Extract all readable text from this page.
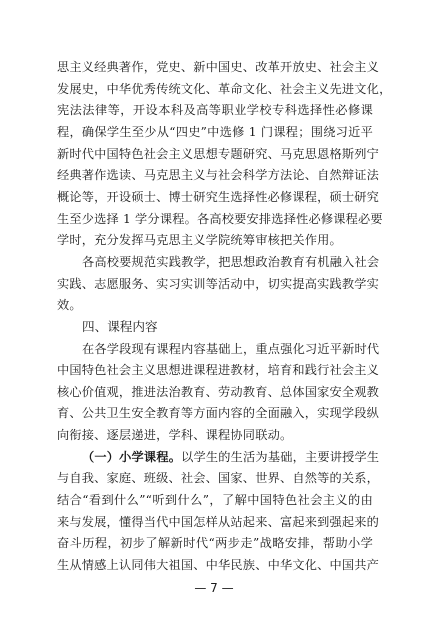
思主义经典著作，党史、新中国史、改革开放史、社会主义
发展史，中华优秀传统文化、革命文化、社会主义先进文化，
宪法法律等，开设本科及高等职业学校专科选择性必修课
程，确保学生至少从“四史”中选修 1 门课程；围绕习近平
新时代中国特色社会主义思想专题研究、马克思恩格斯列宁
经典著作选读、马克思主义与社会科学方法论、自然辩证法
概论等，开设硕士、博士研究生选择性必修课程，硕士研究
生至少选择 1 学分课程。各高校要安排选择性必修课程必要
学时，充分发挥马克思主义学院统筹审核把关作用。
各高校要规范实践教学，把思想政治教育有机融入社会
实践、志愿服务、实习实训等活动中，切实提高实践教学实
效。
四、课程内容
在各学段现有课程内容基础上，重点强化习近平新时代
中国特色社会主义思想进课程进教材，培育和践行社会主义
核心价值观，推进法治教育、劳动教育、总体国家安全观教
育、公共卫生安全教育等方面内容的全面融入，实现学段纵
向衔接、逐层递进，学科、课程协同联动。
（一）小学课程。以学生的生活为基础，主要讲授学生
与自我、家庭、班级、社会、国家、世界、自然等的关系，
结合“看到什么”“听到什么”，了解中国特色社会主义的由
来与发展，懂得当代中国怎样从站起来、富起来到强起来的
奋斗历程，初步了解新时代“两步走”战略安排，帮助小学
生从情感上认同伟大祖国、中华民族、中华文化、中国共产
— 7 —
